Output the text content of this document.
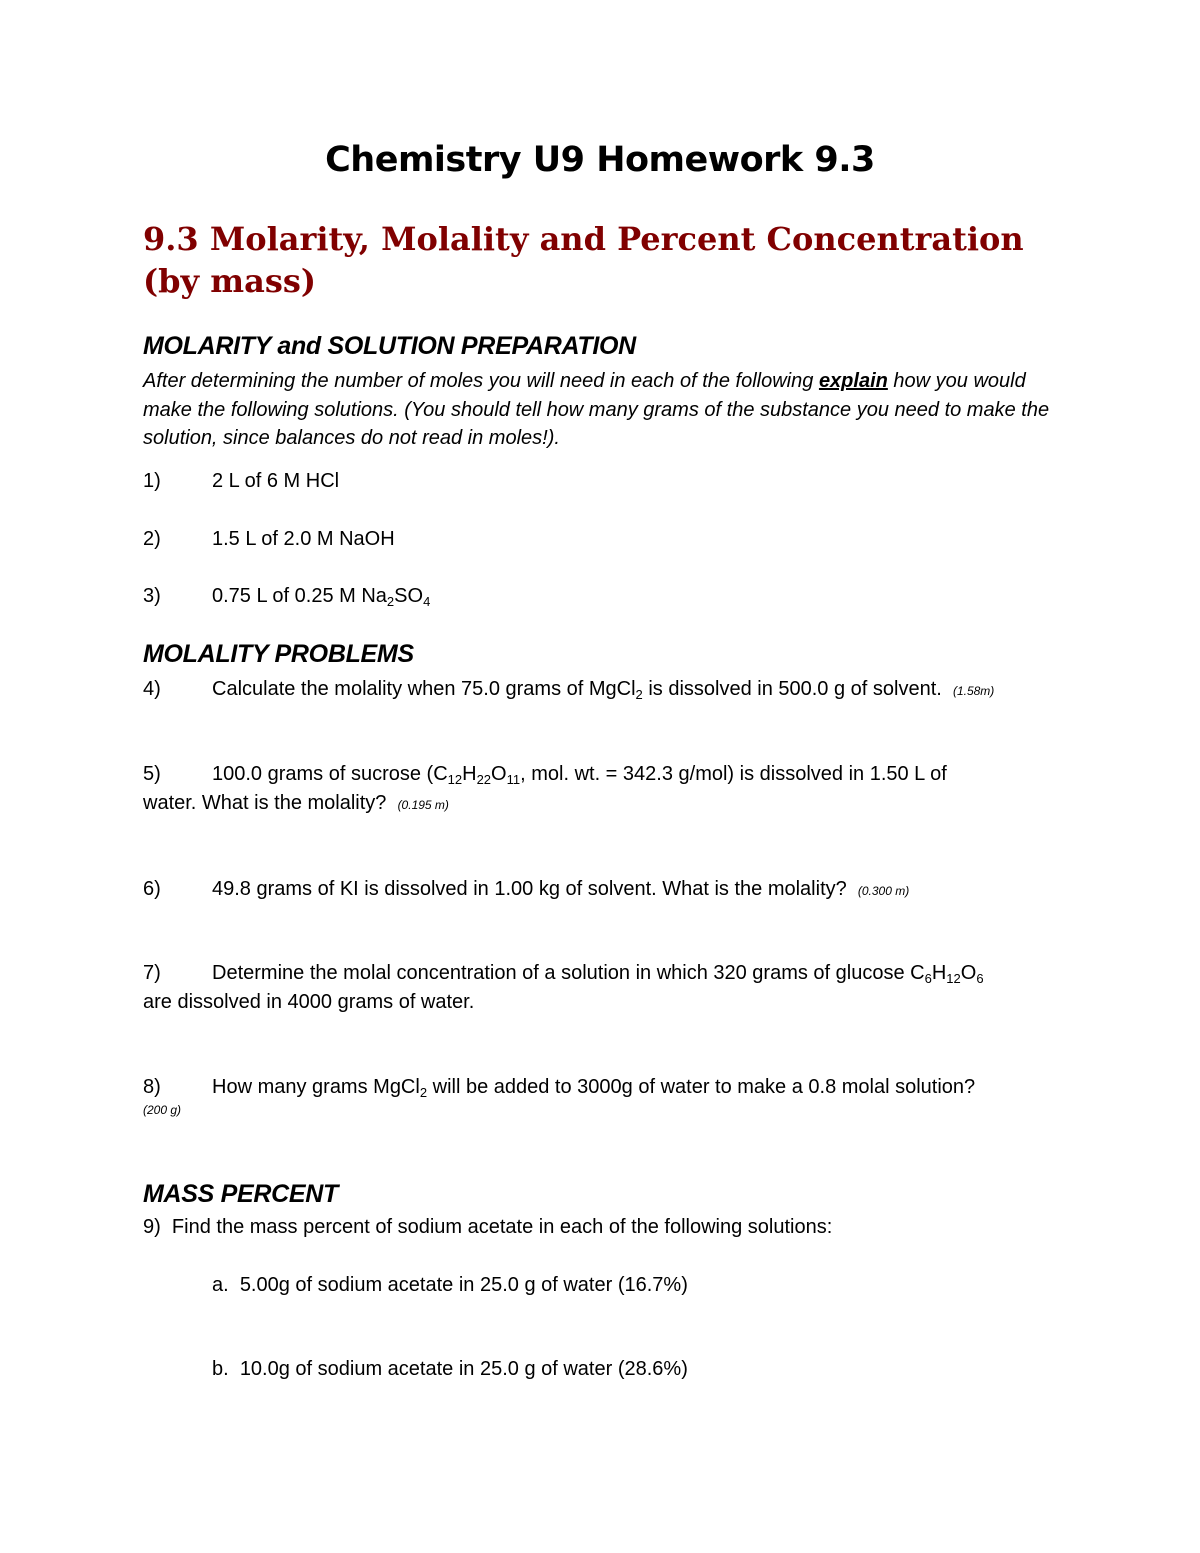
Chemistry U9 Homework 9.3
9.3 Molarity, Molality and Percent Concentration (by mass)
MOLARITY and SOLUTION PREPARATION
After determining the number of moles you will need in each of the following explain how you would make the following solutions. (You should tell how many grams of the substance you need to make the solution, since balances do not read in moles!).
1)	2 L of 6 M HCl
2)	1.5 L of 2.0 M NaOH
3)	0.75 L of 0.25 M $Na_2SO_4$
MOLALITY PROBLEMS
4)	Calculate the molality when 75.0 grams of MgCl$_2$ is dissolved in 500.0 g of solvent. (1.58m)
5)	100.0 grams of sucrose ($C_{12}H_{22}O_{11}$, mol. wt. = 342.3 g/mol) is dissolved in 1.50 L of
water. What is the molality? (0.195 m)
6)	49.8 grams of KI is dissolved in 1.00 kg of solvent. What is the molality? (0.300 m)
7)	Determine the molal concentration of a solution in which 320 grams of glucose $C_6H_{12}O_6$
are dissolved in 4000 grams of water.
8)	How many grams MgCl$_2$ will be added to 3000g of water to make a 0.8 molal solution?
(200 g)
MASS PERCENT
9) Find the mass percent of sodium acetate in each of the following solutions:
a. 5.00g of sodium acetate in 25.0 g of water (16.7%)
b. 10.0g of sodium acetate in 25.0 g of water (28.6%)
